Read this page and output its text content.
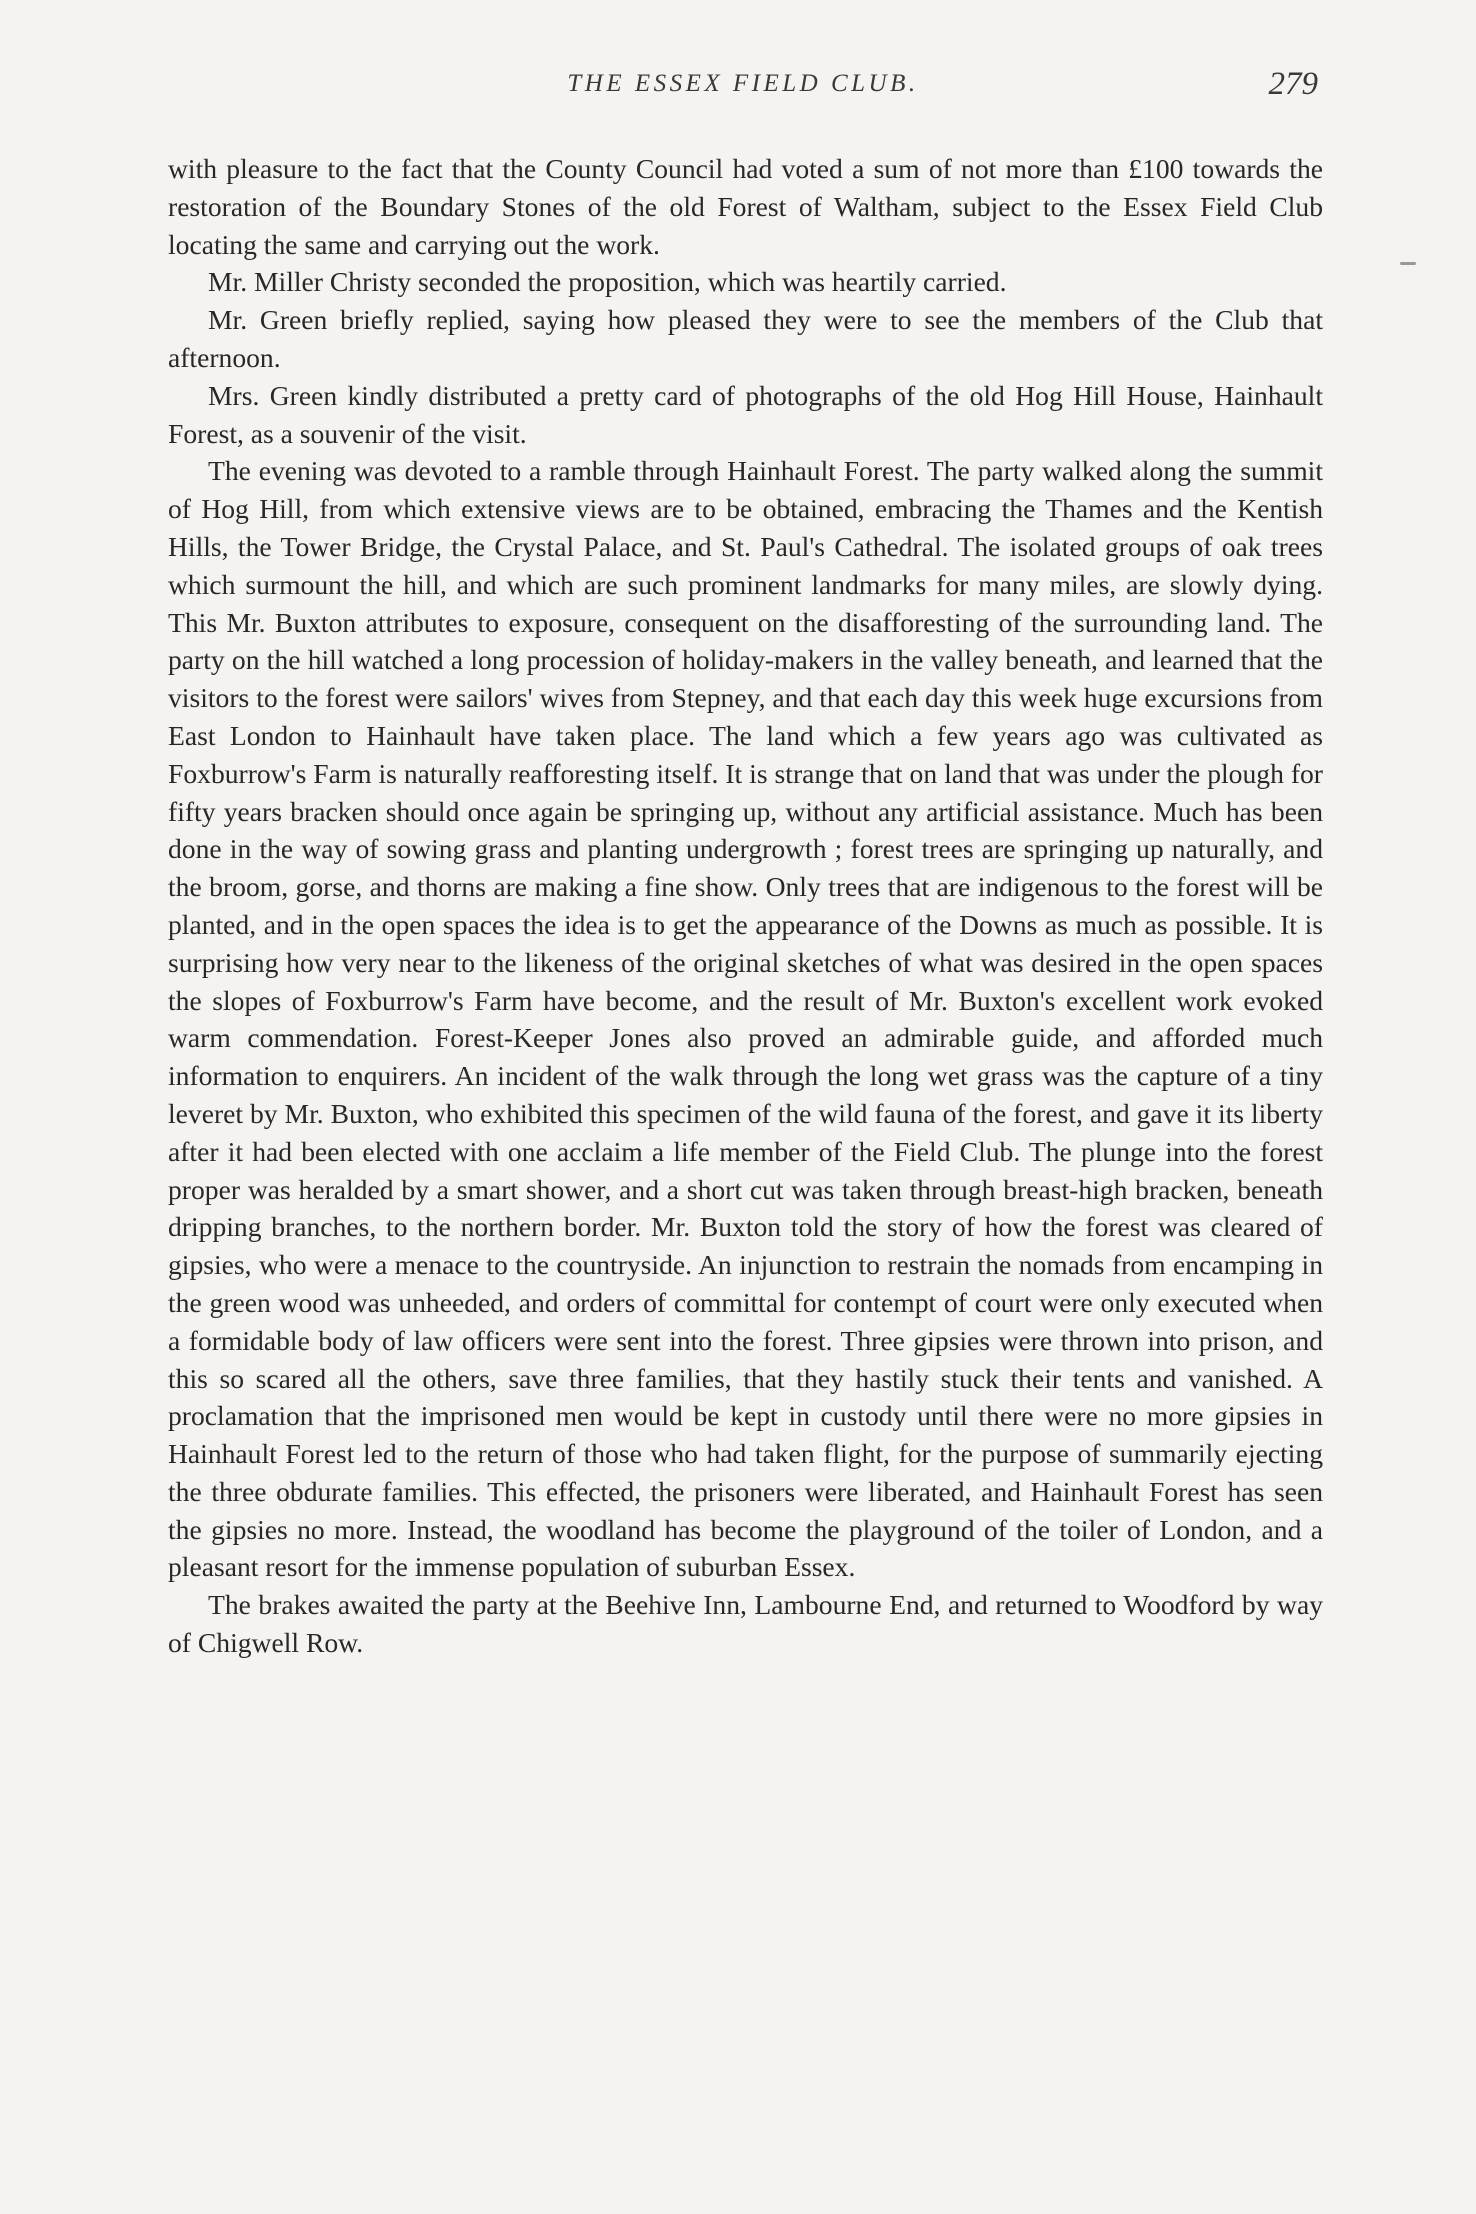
THE ESSEX FIELD CLUB.	279

with pleasure to the fact that the County Council had voted a sum of not more than £100 towards the restoration of the Boundary Stones of the old Forest of Waltham, subject to the Essex Field Club locating the same and carrying out the work.

Mr. Miller Christy seconded the proposition, which was heartily carried.

Mr. Green briefly replied, saying how pleased they were to see the members of the Club that afternoon.

Mrs. Green kindly distributed a pretty card of photographs of the old Hog Hill House, Hainhault Forest, as a souvenir of the visit.

The evening was devoted to a ramble through Hainhault Forest. The party walked along the summit of Hog Hill, from which extensive views are to be obtained, embracing the Thames and the Kentish Hills, the Tower Bridge, the Crystal Palace, and St. Paul's Cathedral. The isolated groups of oak trees which surmount the hill, and which are such prominent landmarks for many miles, are slowly dying. This Mr. Buxton attributes to exposure, consequent on the disafforesting of the surrounding land. The party on the hill watched a long procession of holiday-makers in the valley beneath, and learned that the visitors to the forest were sailors' wives from Stepney, and that each day this week huge excursions from East London to Hainhault have taken place. The land which a few years ago was cultivated as Foxburrow's Farm is naturally reafforesting itself. It is strange that on land that was under the plough for fifty years bracken should once again be springing up, without any artificial assistance. Much has been done in the way of sowing grass and planting undergrowth ; forest trees are springing up naturally, and the broom, gorse, and thorns are making a fine show. Only trees that are indigenous to the forest will be planted, and in the open spaces the idea is to get the appearance of the Downs as much as possible. It is surprising how very near to the likeness of the original sketches of what was desired in the open spaces the slopes of Foxburrow's Farm have become, and the result of Mr. Buxton's excellent work evoked warm commendation. Forest-Keeper Jones also proved an admirable guide, and afforded much information to enquirers. An incident of the walk through the long wet grass was the capture of a tiny leveret by Mr. Buxton, who exhibited this specimen of the wild fauna of the forest, and gave it its liberty after it had been elected with one acclaim a life member of the Field Club. The plunge into the forest proper was heralded by a smart shower, and a short cut was taken through breast-high bracken, beneath dripping branches, to the northern border. Mr. Buxton told the story of how the forest was cleared of gipsies, who were a menace to the countryside. An injunction to restrain the nomads from encamping in the green wood was unheeded, and orders of committal for contempt of court were only executed when a formidable body of law officers were sent into the forest. Three gipsies were thrown into prison, and this so scared all the others, save three families, that they hastily stuck their tents and vanished. A proclamation that the imprisoned men would be kept in custody until there were no more gipsies in Hainhault Forest led to the return of those who had taken flight, for the purpose of summarily ejecting the three obdurate families. This effected, the prisoners were liberated, and Hainhault Forest has seen the gipsies no more. Instead, the woodland has become the playground of the toiler of London, and a pleasant resort for the immense population of suburban Essex.

The brakes awaited the party at the Beehive Inn, Lambourne End, and returned to Woodford by way of Chigwell Row.
